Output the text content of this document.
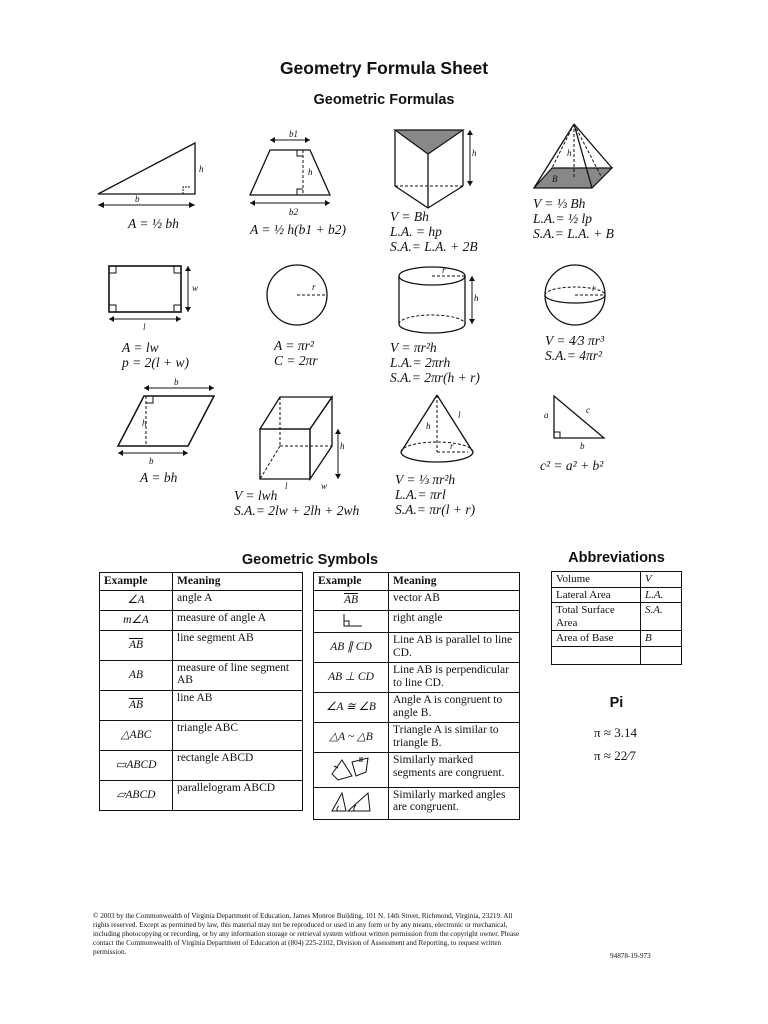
Geometry Formula Sheet
Geometric Formulas
h
b
A = ½ bh
b1
h
b2
A = ½ h(b1 + b2)
h
V = Bh
L.A. = hp
S.A.= L.A. + 2B
h
B
V = ⅓ Bh
L.A.= ½ lp
S.A.= L.A. + B
w
l
A = lw
p = 2(l + w)
r
A = πr²
C = 2πr
r
h
V = πr²h
L.A.= 2πrh
S.A.= 2πr(h + r)
r
V = 4⁄3 πr³
S.A.= 4πr²
b
h
b
A = bh
h
l	w
V = lwh
S.A.= 2lw + 2lh + 2wh
l
h
r
V = ⅓ πr²h
L.A.= πrl
S.A.= πr(l + r)
a	c
b
c² = a² + b²
Geometric Symbols
Example	Meaning
∠A	angle A
m∠A	measure of angle A
$\overline{AB}$	line segment AB
AB	measure of line segment AB
$\overline{AB}$	line AB
△ABC	triangle ABC
▭ABCD	rectangle ABCD
▱ABCD	parallelogram ABCD
Example	Meaning
$\overline{AB}$	vector AB
	right angle
AB ∥ CD	Line AB is parallel to line CD.
AB ⊥ CD	Line AB is perpendicular to line CD.
∠A ≅ ∠B	Angle A is congruent to angle B.
△A ~ △B	Triangle A is similar to triangle B.
	Similarly marked segments are congruent.
	Similarly marked angles are congruent.
Abbreviations
Volume	V
Lateral Area	L.A.
Total Surface Area	S.A.
Area of Base	B

Pi
π ≈ 3.14
π ≈ 22⁄7
© 2003 by the Commonwealth of Virginia Department of Education, James Monroe Building, 101 N. 14th Street, Richmond, Virginia, 23219. All rights reserved. Except as permitted by law, this material may not be reproduced or used in any form or by any means, electronic or mechanical, including photocopying or recording, or by any information storage or retrieval system without written permission from the copyright owner. Please contact the Commonwealth of Virginia Department of Education at (804) 225-2102, Division of Assessment and Reporting, to request written permission.	94878-19-973
